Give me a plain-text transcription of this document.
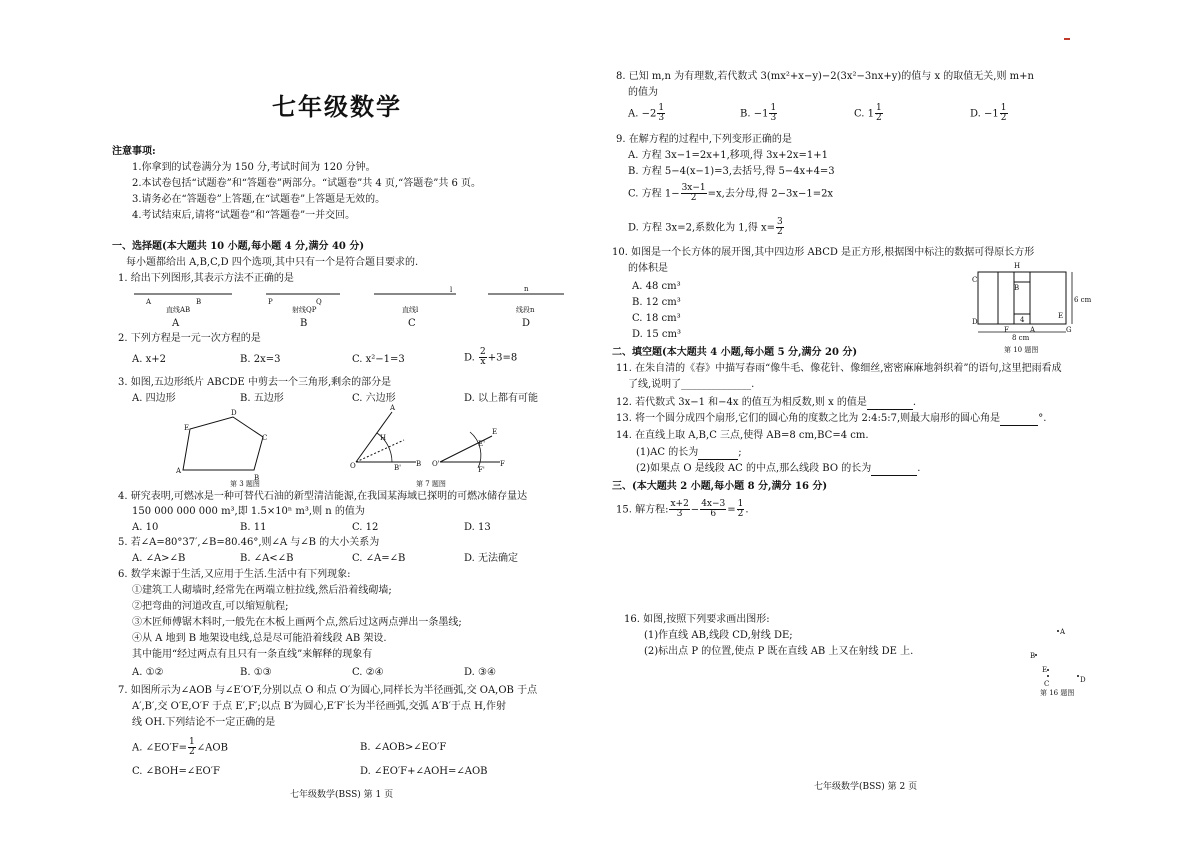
七年级数学
注意事项:
1.你拿到的试卷满分为 150 分,考试时间为 120 分钟。
2.本试卷包括“试题卷”和“答题卷”两部分。“试题卷”共 4 页,“答题卷”共 6 页。
3.请务必在“答题卷”上答题,在“试题卷”上答题是无效的。
4.考试结束后,请将“试题卷”和“答题卷”一并交回。
一、选择题(本大题共 10 小题,每小题 4 分,满分 40 分)
每小题都给出 A,B,C,D 四个选项,其中只有一个是符合题目要求的.
1. 给出下列图形,其表示方法不正确的是
A	B	P	Q
l	n
直线AB	射线QP	直线l	线段n
A	B	C	D
2. 下列方程是一元一次方程的是
A. x+2	B. 2x=3	C. x²−1=3	D. $\frac{2}{x} +3=8$
3. 如图,五边形纸片 ABCDE 中剪去一个三角形,剩余的部分是
A. 四边形	B. 五边形	C. 六边形	D. 以上都有可能
A
B
C
D
E
第 3 题图
O
A
B
H
B'
E
O'	F
F'
E'
第 7 题图
4. 研究表明,可燃冰是一种可替代石油的新型清洁能源,在我国某海域已探明的可燃冰储存量达
150 000 000 000 m³,即 1.5×10ⁿ m³,则 n 的值为
A. 10	B. 11	C. 12	D. 13
5. 若∠A=80°37′,∠B=80.46°,则∠A 与∠B 的大小关系为
A. ∠A>∠B	B. ∠A<∠B	C. ∠A=∠B	D. 无法确定
6. 数学来源于生活,又应用于生活.生活中有下列现象:
①建筑工人砌墙时,经常先在两端立桩拉线,然后沿着线砌墙;
②把弯曲的河道改直,可以缩短航程;
③木匠师傅锯木料时,一般先在木板上画两个点,然后过这两点弹出一条墨线;
④从 A 地到 B 地架设电线,总是尽可能沿着线段 AB 架设.
其中能用“经过两点有且只有一条直线”来解释的现象有
A. ①②	B. ①③	C. ②④	D. ③④
7. 如图所示为∠AOB 与∠E′O′F,分别以点 O 和点 O′为圆心,同样长为半径画弧,交 OA,OB 于点
A′,B′,交 O′E,O′F 于点 E′,F′;以点 B′为圆心,E′F′长为半径画弧,交弧 A′B′于点 H,作射
线 OH.下列结论不一定正确的是
A. ∠EO′F= $\frac{1}{2}$ ∠AOB	B. ∠AOB>∠EO′F
C. ∠BOH=∠EO′F	D. ∠EO′F+∠AOH=∠AOB
七年级数学(BSS) 第 1 页
8. 已知 m,n 为有理数,若代数式 3(mx²+x−y)−2(3x²−3nx+y)的值与 x 的取值无关,则 m+n
的值为
A. $-2 \frac{1}{3}$	B. $-1 \frac{1}{3}$	C. $1 \frac{1}{2}$	D. $-1 \frac{1}{2}$
9. 在解方程的过程中,下列变形正确的是
A. 方程 3x−1=2x+1,移项,得 3x+2x=1+1
B. 方程 5−4(x−1)=3,去括号,得 5−4x+4=3
C. 方程 $1- \frac{3x-1}{2} =x$,去分母,得 2−3x−1=2x
D. 方程 3x=2,系数化为 1,得 $x= \frac{3}{2}$
10. 如图是一个长方体的展开图,其中四边形 ABCD 是正方形,根据图中标注的数据可得原长方形
的体积是
A. 48 cm³
B. 12 cm³
C. 18 cm³
D. 15 cm³
H
C
B
D
A
E
F	G
6 cm
8 cm
4
第 10 题图
二、填空题(本大题共 4 小题,每小题 5 分,满分 20 分)
11. 在朱自清的《春》中描写春雨“像牛毛、像花针、像细丝,密密麻麻地斜织着”的语句,这里把雨看成
了线,说明了______________.
12. 若代数式 3x−1 和−4x 的值互为相反数,则 x 的值是	.
13. 将一个圆分成四个扇形,它们的圆心角的度数之比为 2:4:5:7,则最大扇形的圆心角是	°.
14. 在直线上取 A,B,C 三点,使得 AB=8 cm,BC=4 cm.
(1)AC 的长为	;
(2)如果点 O 是线段 AC 的中点,那么线段 BO 的长为	.
三、(本大题共 2 小题,每小题 8 分,满分 16 分)
15. 解方程: $\frac{x+2}{3} - \frac{4x-3}{6} = \frac{1}{2}$ .
16. 如图,按照下列要求画出图形:
(1)作直线 AB,线段 CD,射线 DE;
(2)标出点 P 的位置,使点 P 既在直线 AB 上又在射线 DE 上.
A
B
C	D
E
第 16 题图
七年级数学(BSS) 第 2 页
